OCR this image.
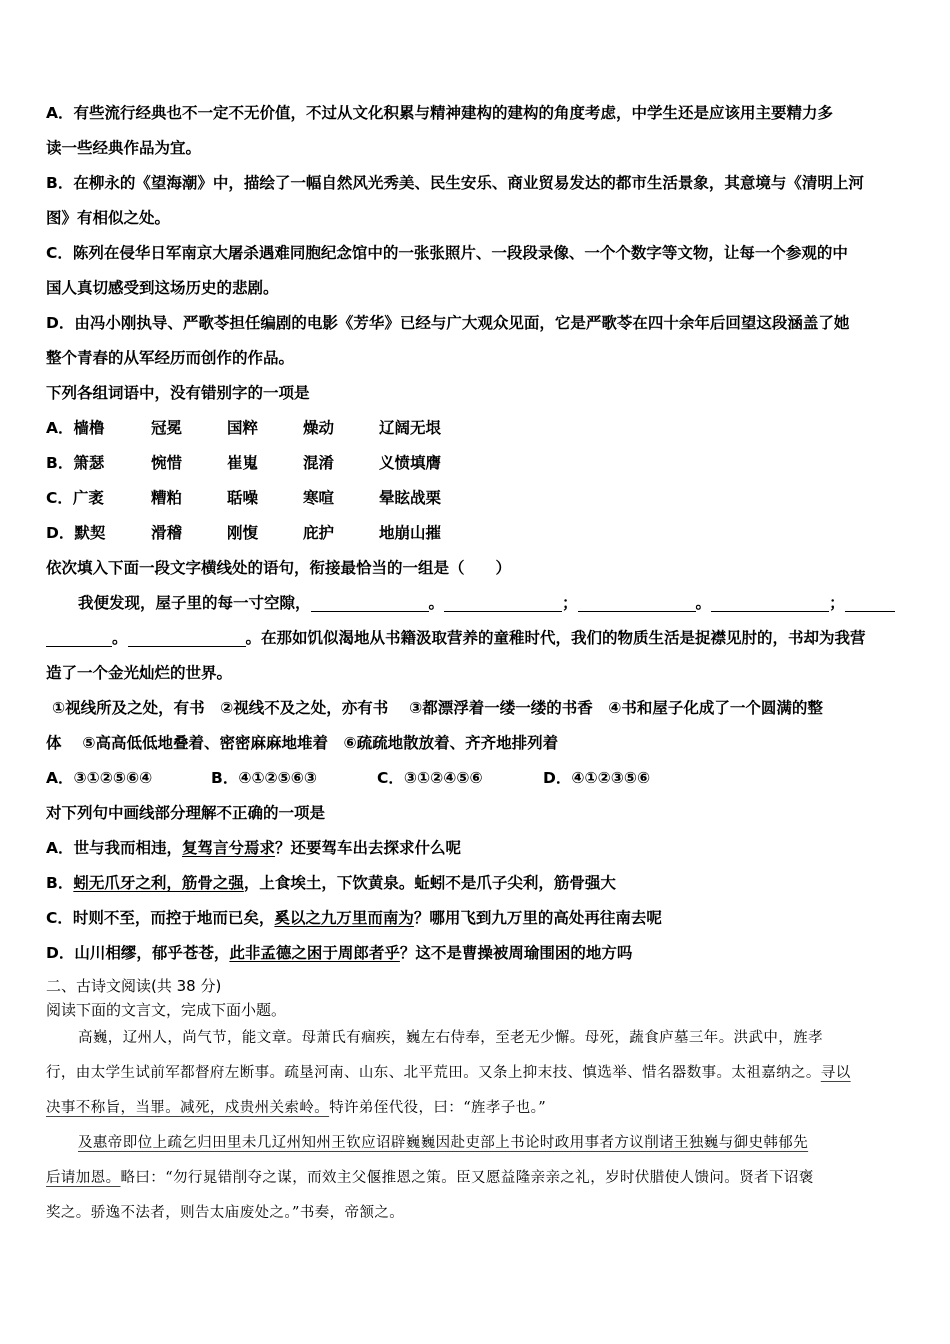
A．有些流行经典也不一定不无价值，不过从文化积累与精神建构的建构的角度考虑，中学生还是应该用主要精力多
读一些经典作品为宜。
B．在柳永的《望海潮》中，描绘了一幅自然风光秀美、民生安乐、商业贸易发达的都市生活景象，其意境与《清明上河
图》有相似之处。
C．陈列在侵华日军南京大屠杀遇难同胞纪念馆中的一张张照片、一段段录像、一个个数字等文物，让每一个参观的中
国人真切感受到这场历史的悲剧。
D．由冯小刚执导、严歌苓担任编剧的电影《芳华》已经与广大观众见面，它是严歌苓在四十余年后回望这段涵盖了她
整个青春的从军经历而创作的作品。
下列各组词语中，没有错别字的一项是
A．樯橹	冠冕	国粹	燥动	辽阔无垠
B．箫瑟	惋惜	崔嵬	混淆	义愤填膺
C．广袤	糟粕	聒噪	寒喧	晕眩战栗
D．默契	滑稽	刚愎	庇护	地崩山摧
依次填入下面一段文字横线处的语句，衔接最恰当的一组是（　　）
我便发现，屋子里的每一寸空隙，	。	；	。	；
。	。在那如饥似渴地从书籍汲取营养的童稚时代，我们的物质生活是捉襟见肘的，书却为我营
造了一个金光灿烂的世界。
①视线所及之处，有书　②视线不及之处，亦有书　 ③都漂浮着一缕一缕的书香　④书和屋子化成了一个圆满的整
体　 ⑤高高低低地叠着、密密麻麻地堆着　⑥疏疏地散放着、齐齐地排列着
A．③①②⑤⑥④	B．④①②⑤⑥③	C．③①②④⑤⑥	D．④①②③⑤⑥
对下列句中画线部分理解不正确的一项是
A．世与我而相违，复驾言兮焉求？还要驾车出去探求什么呢
B．蚓无爪牙之利，筋骨之强，上食埃土，下饮黄泉。蚯蚓不是爪子尖利，筋骨强大
C．时则不至，而控于地而已矣，奚以之九万里而南为？哪用飞到九万里的高处再往南去呢
D．山川相缪，郁乎苍苍，此非孟德之困于周郎者乎？这不是曹操被周瑜围困的地方吗
二、古诗文阅读(共 38 分)
阅读下面的文言文，完成下面小题。
高巍，辽州人，尚气节，能文章。母萧氏有痼疾，巍左右侍奉，至老无少懈。母死，蔬食庐墓三年。洪武中，旌孝
行，由太学生试前军都督府左断事。疏垦河南、山东、北平荒田。又条上抑末技、慎选举、惜名器数事。太祖嘉纳之。寻以
决事不称旨，当罪。减死，戍贵州关索岭。特许弟侄代役，曰：“旌孝子也。”
及惠帝即位上疏乞归田里未几辽州知州王钦应诏辟巍巍因赴吏部上书论时政用事者方议削诸王独巍与御史韩郁先
后请加恩。略曰：“勿行晁错削夺之谋，而效主父偃推恩之策。臣又愿益隆亲亲之礼，岁时伏腊使人馈问。贤者下诏褒
奖之。骄逸不法者，则告太庙废处之。”书奏，帝颔之。
